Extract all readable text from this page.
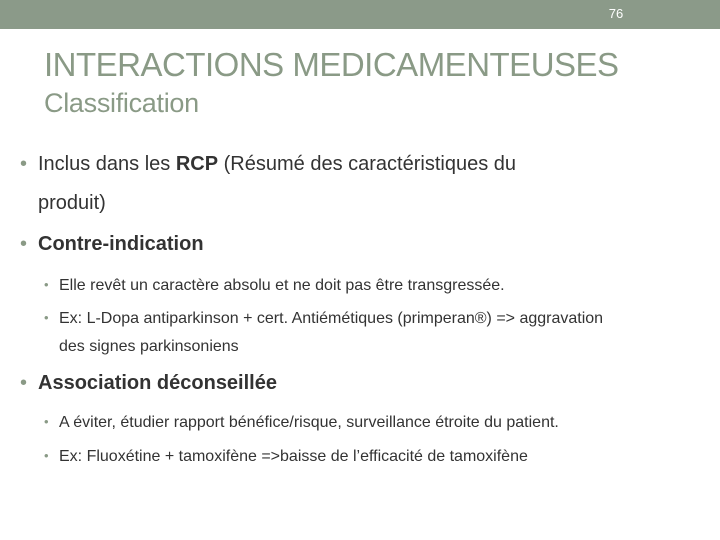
76
INTERACTIONS MEDICAMENTEUSES
Classification
• Inclus dans les RCP (Résumé des caractéristiques du
produit)
• Contre-indication
• Elle revêt un caractère absolu et ne doit pas être transgressée.
• Ex: L-Dopa antiparkinson + cert. Antiémétiques (primperan®) => aggravation
des signes parkinsoniens
• Association déconseillée
• A éviter, étudier rapport bénéfice/risque, surveillance étroite du patient.
• Ex: Fluoxétine + tamoxifène =>baisse de l’efficacité de tamoxifène
